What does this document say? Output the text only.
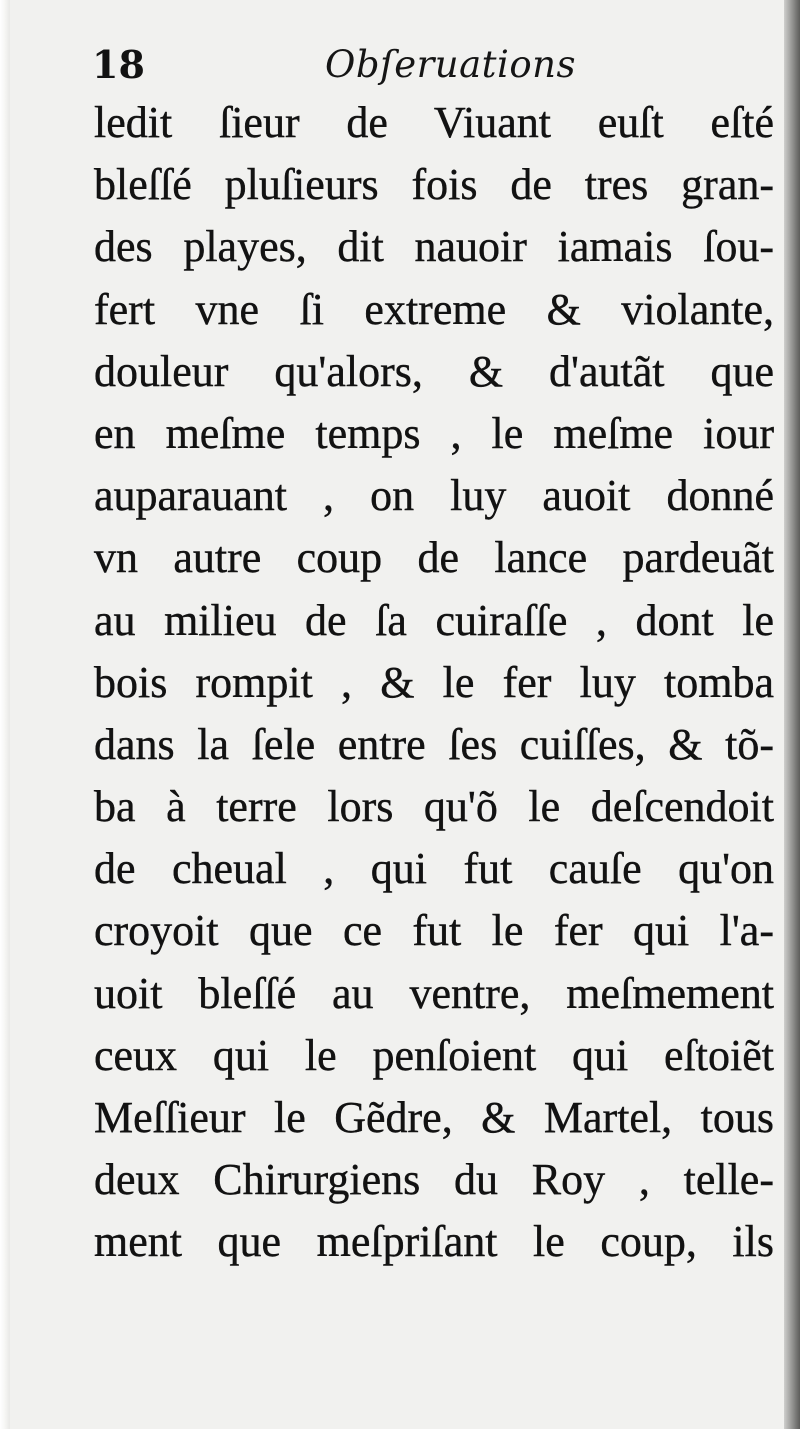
18	Obſeruations
ledit ſieur de Viuant euſt eſté
bleſſé pluſieurs fois de tres gran-
des playes, dit nauoir iamais ſou-
fert vne ſi extreme & violante,
douleur qu'alors, & d'autãt que
en meſme temps , le meſme iour
auparauant , on luy auoit donné
vn autre coup de lance pardeuãt
au milieu de ſa cuiraſſe , dont le
bois rompit , & le fer luy tomba
dans la ſele entre ſes cuiſſes, & tõ-
ba à terre lors qu'õ le deſcendoit
de cheual , qui fut cauſe qu'on
croyoit que ce fut le fer qui l'a-
uoit bleſſé au ventre, meſmement
ceux qui le penſoient qui eſtoiẽt
Meſſieur le Gẽdre, & Martel, tous
deux Chirurgiens du Roy , telle-
ment que meſpriſant le coup, ils
